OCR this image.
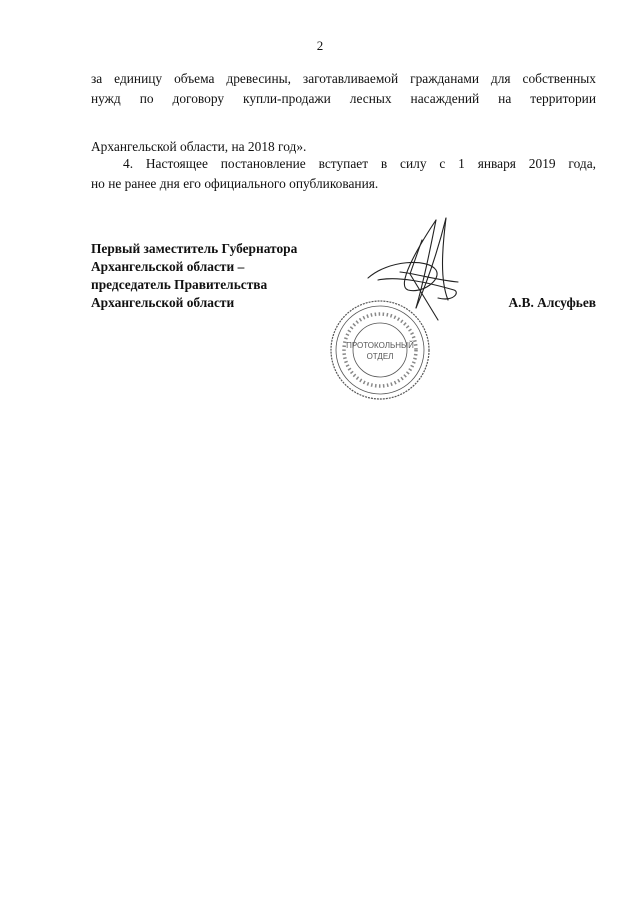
2
за единицу объема древесины, заготавливаемой гражданами для собственных
нужд по договору купли-продажи лесных насаждений на территории
Архангельской области, на 2018 год».
4. Настоящее постановление вступает в силу с 1 января 2019 года,
но не ранее дня его официального опубликования.
Первый заместитель Губернатора
Архангельской области –
председатель Правительства
Архангельской области	А.В. Алсуфьев
ПРОТОКОЛЬНЫЙ
ОТДЕЛ
